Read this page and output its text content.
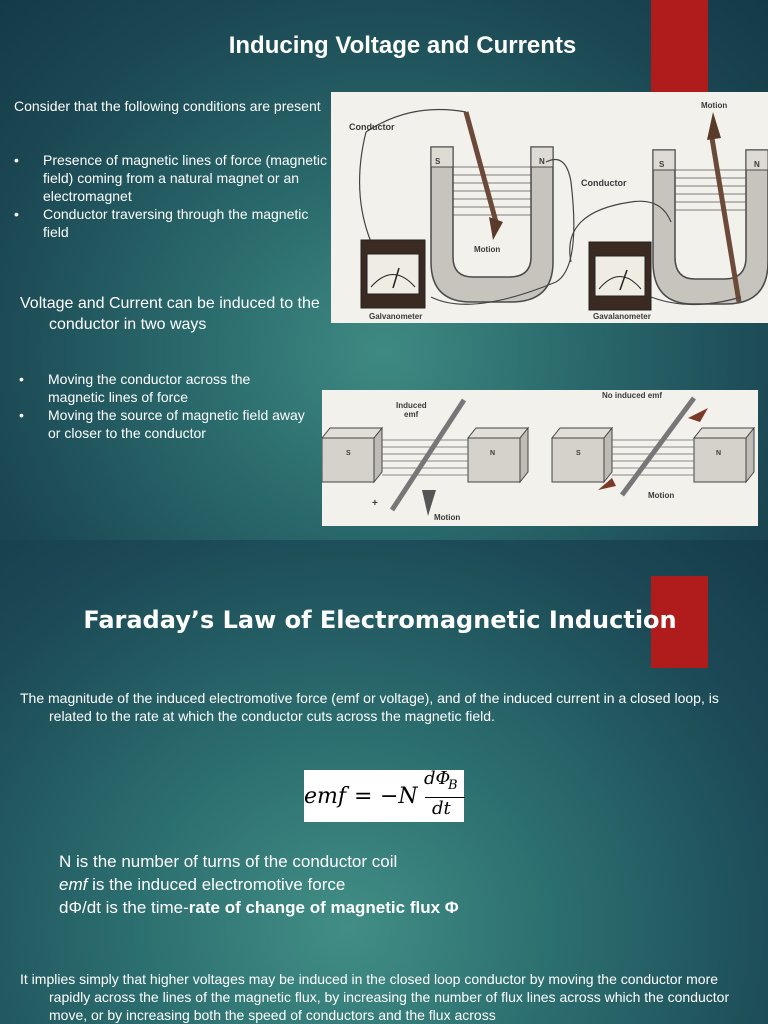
Inducing Voltage and Currents

Consider that the following conditions are present

• Presence of magnetic lines of force (magnetic field) coming from a natural magnet or an electromagnet
• Conductor traversing through the magnetic field

Voltage and Current can be induced to the conductor in two ways

• Moving the conductor across the magnetic lines of force
• Moving the source of magnetic field away or closer to the conductor
Conductor
S	N
Motion
Galvanometer
Motion
Conductor
S	N
Gavalanometer
S	N
Induced
emf
Motion
+
S	N
No induced emf
Motion
Faraday’s Law of Electromagnetic Induction

The magnitude of the induced electromotive force (emf or voltage), and of the induced current in a closed loop, is related to the rate at which the conductor cuts across the magnetic field.

emf = −N
dΦ
B
dt
N is the number of turns of the conductor coil
emf is the induced electromotive force
dΦ/dt is the time-rate of change of magnetic flux Φ

It implies simply that higher voltages may be induced in the closed loop conductor by moving the conductor more rapidly across the lines of the magnetic flux, by increasing the number of flux lines across which the conductor move, or by increasing both the speed of conductors and the flux across
